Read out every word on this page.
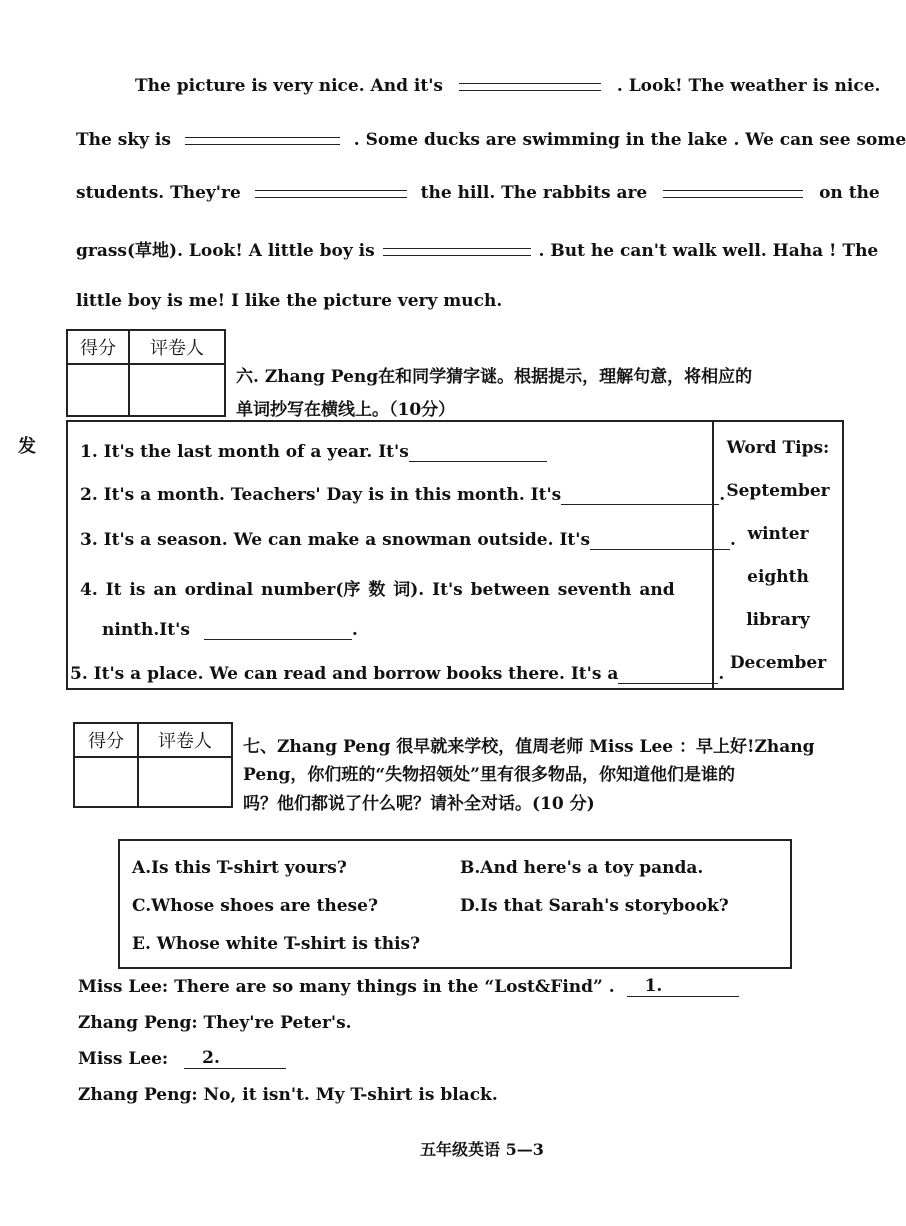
The picture is very nice. And it's	. Look! The weather is nice.
The sky is	. Some ducks are swimming in the lake . We can see some
students. They're	the hill. The rabbits are	on the
grass(草地). Look! A little boy is	. But he can't walk well. Haha ! The
little boy is me! I like the picture very much.
得分	评卷人

六. Zhang Peng在和同学猜字谜。根据提示，理解句意，将相应的
单词抄写在横线上。（10分）
发	1. It's the last month of a year. It's
2. It's a month. Teachers' Day is in this month. It's	.
3. It's a season. We can make a snowman outside. It's	.
4. It is an ordinal number(序 数 词). It's between seventh and
ninth.It's	.
5. It's a place. We can read and borrow books there. It's a	.
Word Tips:
September
winter
eighth
library
December
得分	评卷人
	七、Zhang Peng 很早就来学校，值周老师 Miss Lee ：早上好!Zhang
Peng，你们班的“失物招领处”里有很多物品，你知道他们是谁的
吗？他们都说了什么呢？请补全对话。(10 分)
A.Is this T-shirt yours?	B.And here's a toy panda.
C.Whose shoes are these?	D.Is that Sarah's storybook?
E. Whose white T-shirt is this?
Miss Lee: There are so many things in the “Lost&Find” . 1.
Zhang Peng: They're Peter's.
Miss Lee: 2.
Zhang Peng: No, it isn't. My T-shirt is black.
五年级英语 5—3
